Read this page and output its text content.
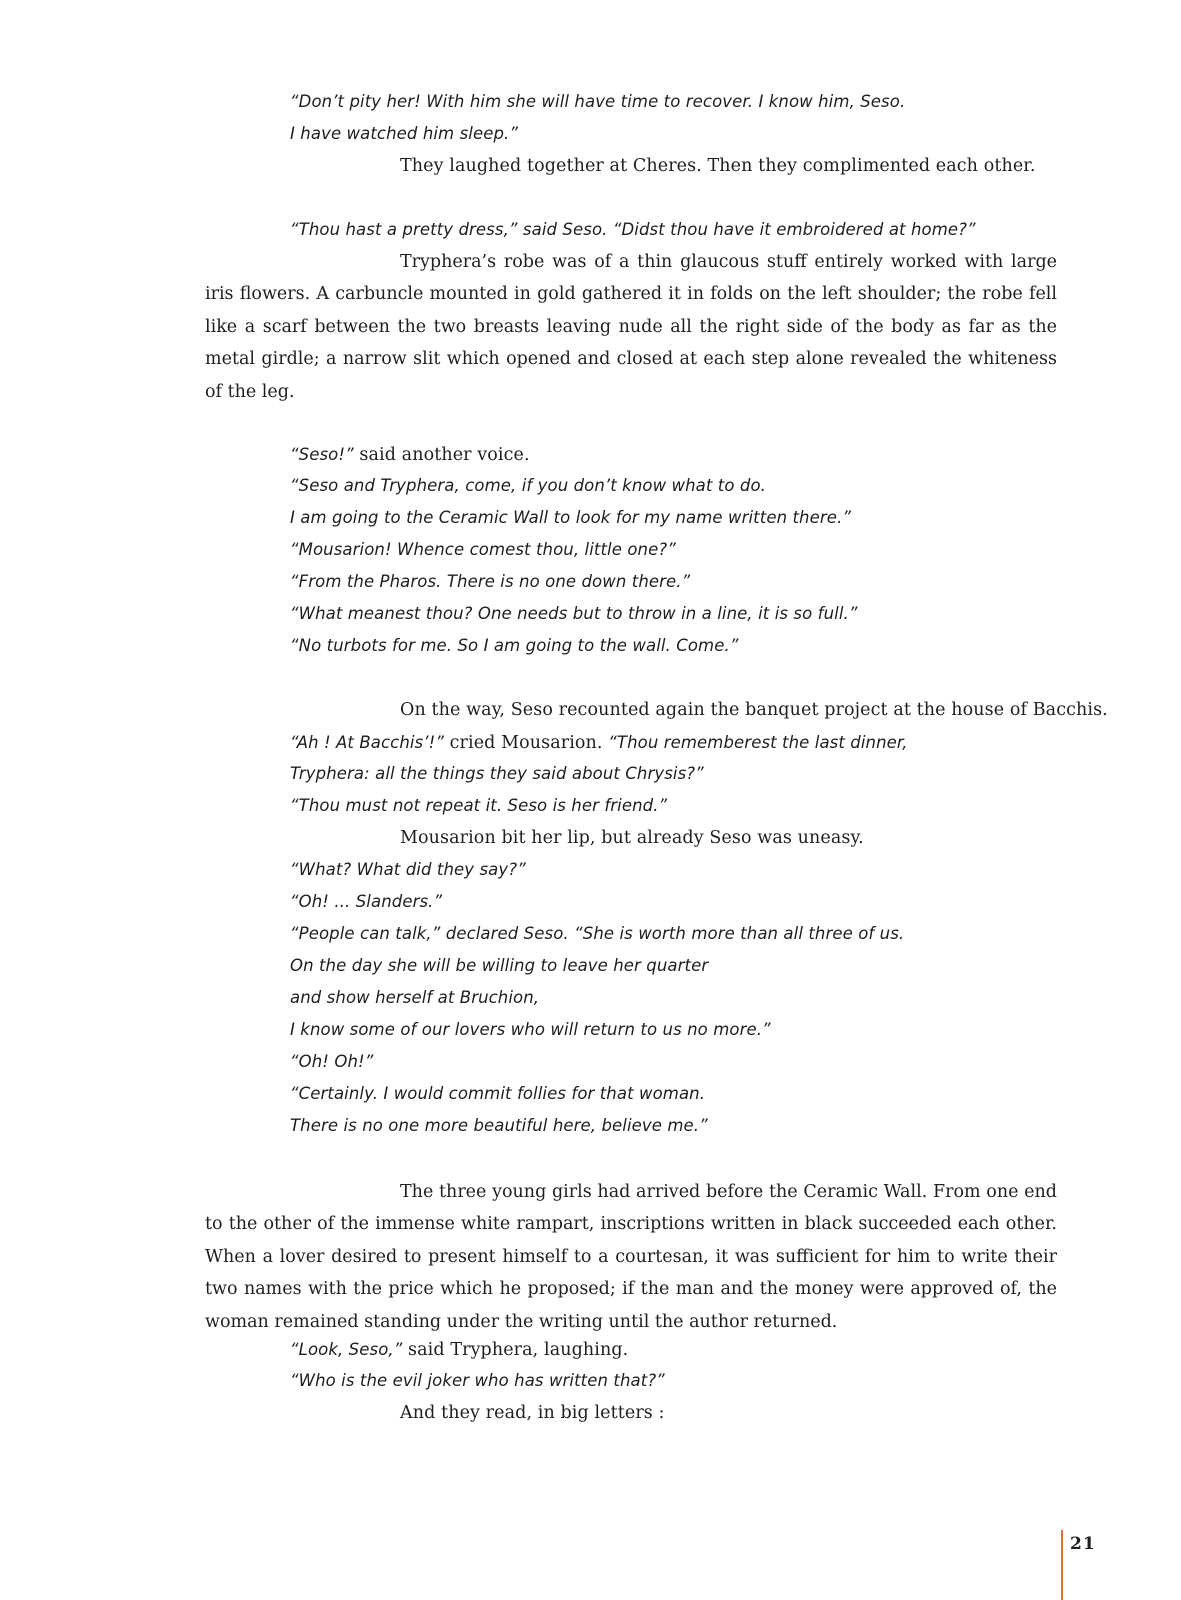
“Don’t pity her! With him she will have time to recover. I know him, Seso.

I have watched him sleep.”

They laughed together at Cheres. Then they complimented each other.

“Thou hast a pretty dress,” said Seso. “Didst thou have it embroidered at home?”

Tryphera’s robe was of a thin glaucous stuff entirely worked with large iris flowers. A carbuncle mounted in gold gathered it in folds on the left shoulder; the robe fell like a scarf between the two breasts leaving nude all the right side of the body as far as the metal girdle; a narrow slit which opened and closed at each step alone revealed the whiteness of the leg.

“Seso!” said another voice.

“Seso and Tryphera, come, if you don’t know what to do.

I am going to the Ceramic Wall to look for my name written there.”

“Mousarion! Whence comest thou, little one?”

“From the Pharos. There is no one down there.”

“What meanest thou? One needs but to throw in a line, it is so full.”

“No turbots for me. So I am going to the wall. Come.”

On the way, Seso recounted again the banquet project at the house of Bacchis.

“Ah ! At Bacchis’!” cried Mousarion. “Thou rememberest the last dinner,

Tryphera: all the things they said about Chrysis?”

“Thou must not repeat it. Seso is her friend.”

Mousarion bit her lip, but already Seso was uneasy.

“What? What did they say?”

“Oh! ... Slanders.”

“People can talk,” declared Seso. “She is worth more than all three of us.

On the day she will be willing to leave her quarter

and show herself at Bruchion,

I know some of our lovers who will return to us no more.”

“Oh! Oh!”

“Certainly. I would commit follies for that woman.

There is no one more beautiful here, believe me.”

The three young girls had arrived before the Ceramic Wall. From one end to the other of the immense white rampart, inscriptions written in black succeeded each other. When a lover desired to present himself to a courtesan, it was sufficient for him to write their two names with the price which he proposed; if the man and the money were approved of, the woman remained standing under the writing until the author returned.

“Look, Seso,” said Tryphera, laughing.

“Who is the evil joker who has written that?”

And they read, in big letters :

21
